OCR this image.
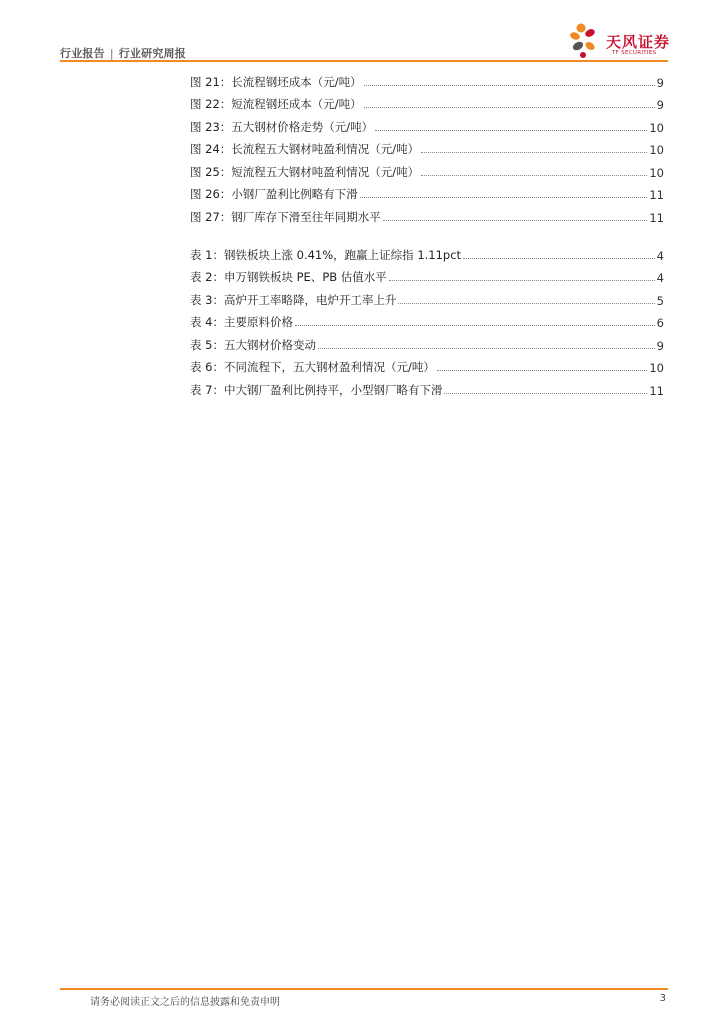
行业报告 | 行业研究周报
天风证券
TF SECURITIES
图 21：长流程钢坯成本（元/吨）	9
图 22：短流程钢坯成本（元/吨）	9
图 23：五大钢材价格走势（元/吨）	10
图 24：长流程五大钢材吨盈利情况（元/吨）	10
图 25：短流程五大钢材吨盈利情况（元/吨）	10
图 26：小钢厂盈利比例略有下滑	11
图 27：钢厂库存下滑至往年同期水平	11
表 1：钢铁板块上涨 0.41%，跑赢上证综指 1.11pct	4
表 2：申万钢铁板块 PE、PB 估值水平	4
表 3：高炉开工率略降，电炉开工率上升	5
表 4：主要原料价格	6
表 5：五大钢材价格变动	9
表 6：不同流程下，五大钢材盈利情况（元/吨）	10
表 7：中大钢厂盈利比例持平，小型钢厂略有下滑	11
请务必阅读正文之后的信息披露和免责申明	3
